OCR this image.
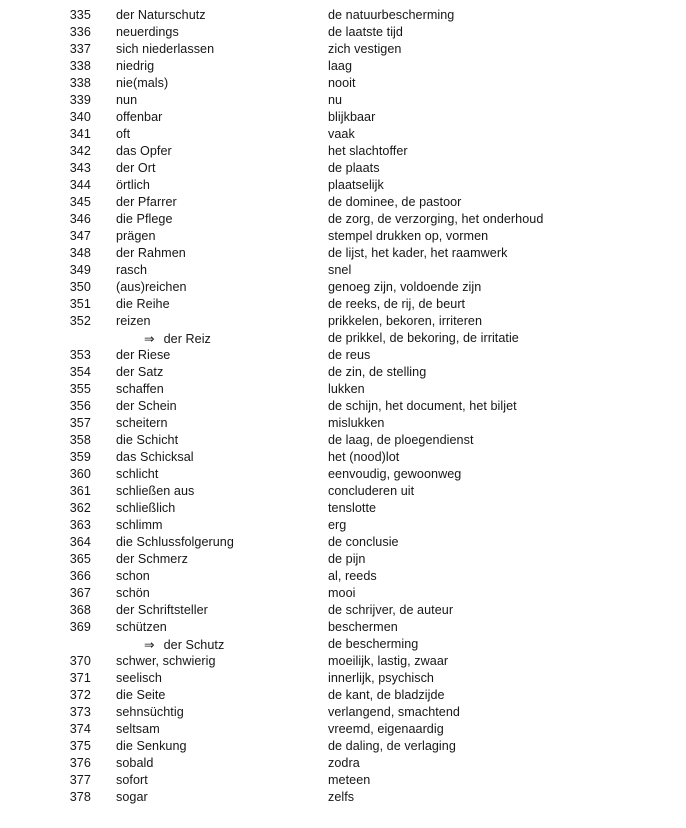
335 der Naturschutz	de natuurbescherming
336 neuerdings	de laatste tijd
337 sich niederlassen	zich vestigen
338 niedrig	laag
338 nie(mals)	nooit
339 nun	nu
340 offenbar	blijkbaar
341 oft	vaak
342 das Opfer	het slachtoffer
343 der Ort	de plaats
344 örtlich	plaatselijk
345 der Pfarrer	de dominee, de pastoor
346 die Pflege	de zorg, de verzorging, het onderhoud
347 prägen	stempel drukken op, vormen
348 der Rahmen	de lijst, het kader, het raamwerk
349 rasch	snel
350 (aus)reichen	genoeg zijn, voldoende zijn
351 die Reihe	de reeks, de rij, de beurt
352 reizen	prikkelen, bekoren, irriteren
⇒ der Reiz	de prikkel, de bekoring, de irritatie
353 der Riese	de reus
354 der Satz	de zin, de stelling
355 schaffen	lukken
356 der Schein	de schijn, het document, het biljet
357 scheitern	mislukken
358 die Schicht	de laag, de ploegendienst
359 das Schicksal	het (nood)lot
360 schlicht	eenvoudig, gewoonweg
361 schließen aus	concluderen uit
362 schließlich	tenslotte
363 schlimm	erg
364 die Schlussfolgerung	de conclusie
365 der Schmerz	de pijn
366 schon	al, reeds
367 schön	mooi
368 der Schriftsteller	de schrijver, de auteur
369 schützen	beschermen
⇒ der Schutz	de bescherming
370 schwer, schwierig	moeilijk, lastig, zwaar
371 seelisch	innerlijk, psychisch
372 die Seite	de kant, de bladzijde
373 sehnsüchtig	verlangend, smachtend
374 seltsam	vreemd, eigenaardig
375 die Senkung	de daling, de verlaging
376 sobald	zodra
377 sofort	meteen
378 sogar	zelfs
